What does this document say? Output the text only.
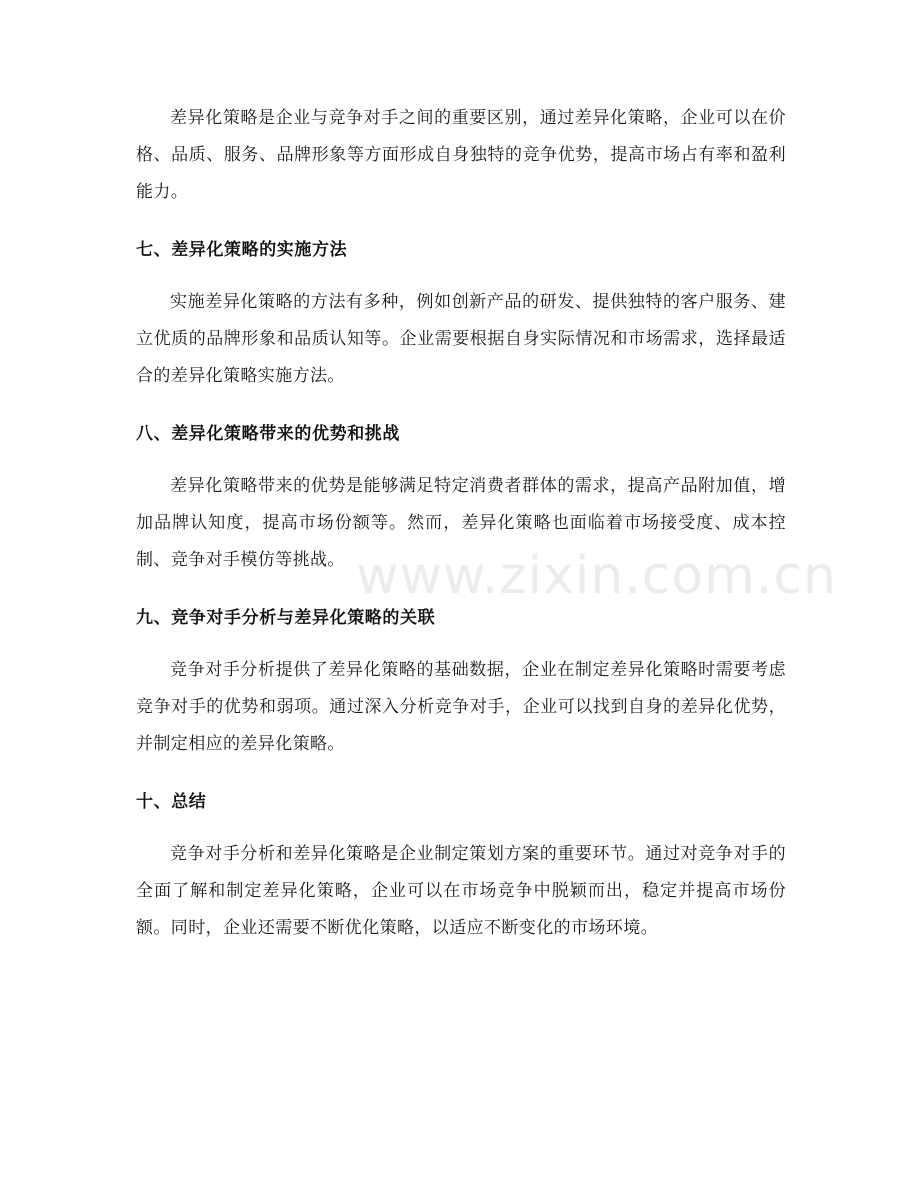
www.zixin.com.cn

差异化策略是企业与竞争对手之间的重要区别，通过差异化策略，企业可以在价格、品质、服务、品牌形象等方面形成自身独特的竞争优势，提高市场占有率和盈利能力。

七、差异化策略的实施方法

实施差异化策略的方法有多种，例如创新产品的研发、提供独特的客户服务、建立优质的品牌形象和品质认知等。企业需要根据自身实际情况和市场需求，选择最适合的差异化策略实施方法。

八、差异化策略带来的优势和挑战

差异化策略带来的优势是能够满足特定消费者群体的需求，提高产品附加值，增加品牌认知度，提高市场份额等。然而，差异化策略也面临着市场接受度、成本控制、竞争对手模仿等挑战。

九、竞争对手分析与差异化策略的关联

竞争对手分析提供了差异化策略的基础数据，企业在制定差异化策略时需要考虑竞争对手的优势和弱项。通过深入分析竞争对手，企业可以找到自身的差异化优势，并制定相应的差异化策略。

十、总结

竞争对手分析和差异化策略是企业制定策划方案的重要环节。通过对竞争对手的全面了解和制定差异化策略，企业可以在市场竞争中脱颖而出，稳定并提高市场份额。同时，企业还需要不断优化策略，以适应不断变化的市场环境。
